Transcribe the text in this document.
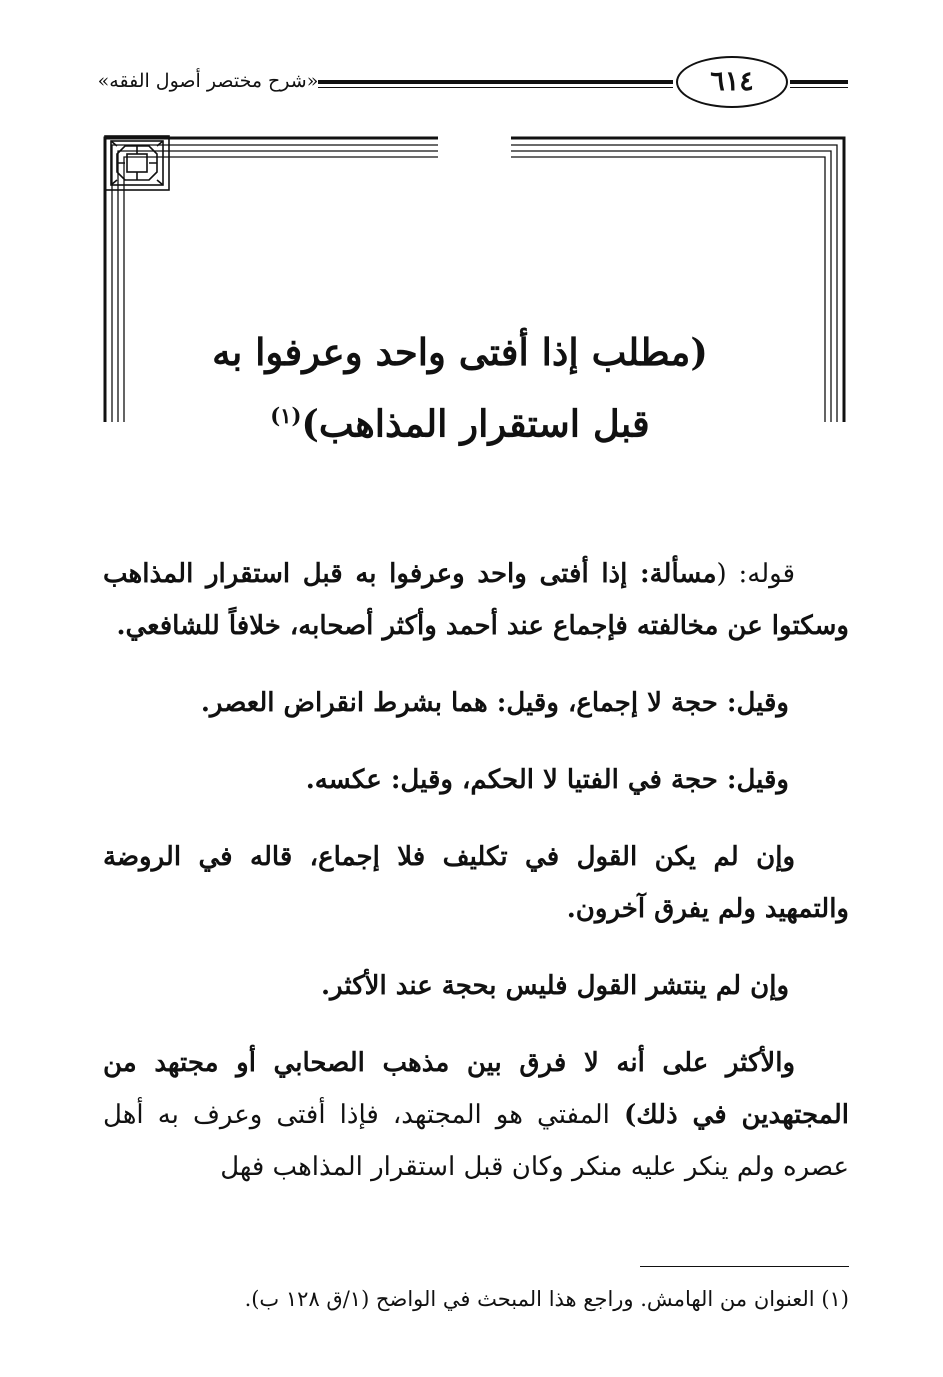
«شرح مختصر أصول الفقه»	٦١٤
(مطلب إذا أفتى واحد وعرفوا به
قبل استقرار المذاهب)$^{(١)}$

قوله: (مسألة: إذا أفتى واحد وعرفوا به قبل استقرار المذاهب وسكتوا عن مخالفته فإجماع عند أحمد وأكثر أصحابه، خلافاً للشافعي.

وقيل: حجة لا إجماع، وقيل: هما بشرط انقراض العصر.

وقيل: حجة في الفتيا لا الحكم، وقيل: عكسه.

وإن لم يكن القول في تكليف فلا إجماع، قاله في الروضة والتمهيد ولم يفرق آخرون.

وإن لم ينتشر القول فليس بحجة عند الأكثر.

والأكثر على أنه لا فرق بين مذهب الصحابي أو مجتهد من المجتهدين في ذلك) المفتي هو المجتهد، فإذا أفتى وعرف به أهل عصره ولم ينكر عليه منكر وكان قبل استقرار المذاهب فهل

(١) العنوان من الهامش. وراجع هذا المبحث في الواضح (١/ق ١٢٨ ب).
